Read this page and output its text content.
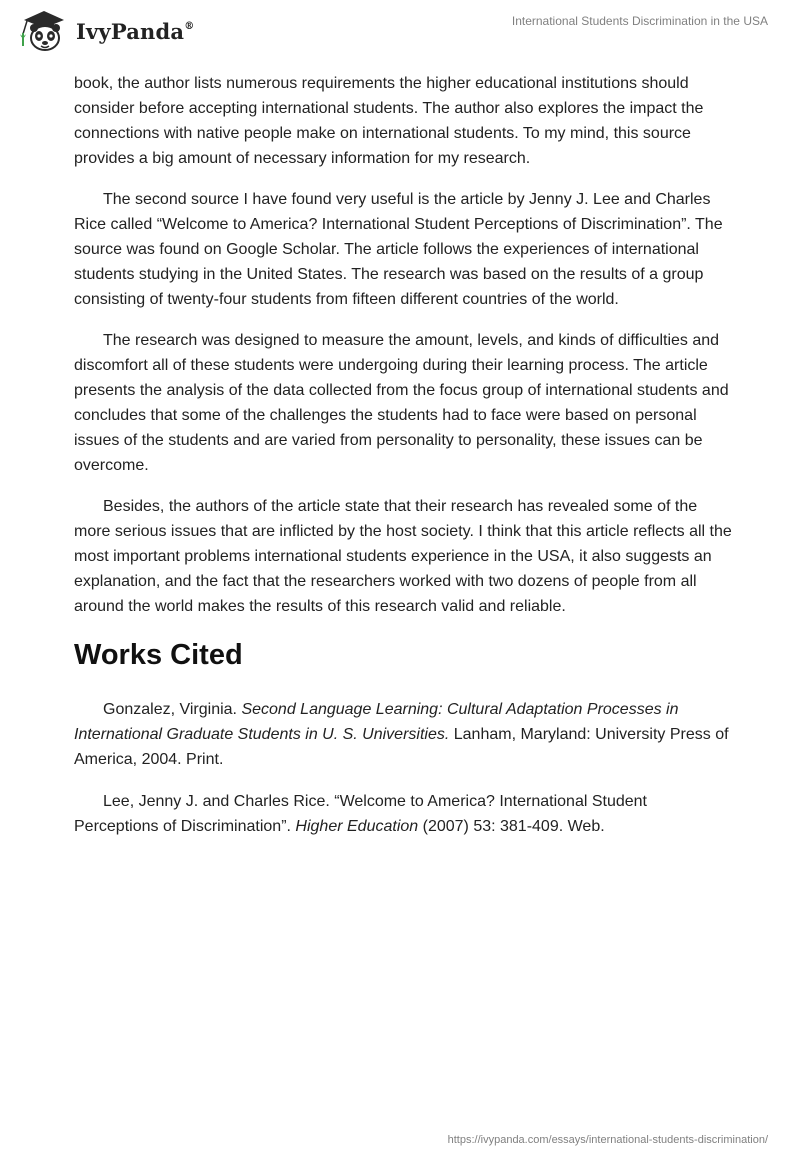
IvyPanda®	International Students Discrimination in the USA

book, the author lists numerous requirements the higher educational institutions should consider before accepting international students. The author also explores the impact the connections with native people make on international students. To my mind, this source provides a big amount of necessary information for my research.

The second source I have found very useful is the article by Jenny J. Lee and Charles Rice called “Welcome to America? International Student Perceptions of Discrimination”. The source was found on Google Scholar. The article follows the experiences of international students studying in the United States. The research was based on the results of a group consisting of twenty-four students from fifteen different countries of the world.

The research was designed to measure the amount, levels, and kinds of difficulties and discomfort all of these students were undergoing during their learning process. The article presents the analysis of the data collected from the focus group of international students and concludes that some of the challenges the students had to face were based on personal issues of the students and are varied from personality to personality, these issues can be overcome.

Besides, the authors of the article state that their research has revealed some of the more serious issues that are inflicted by the host society. I think that this article reflects all the most important problems international students experience in the USA, it also suggests an explanation, and the fact that the researchers worked with two dozens of people from all around the world makes the results of this research valid and reliable.

Works Cited

Gonzalez, Virginia. Second Language Learning: Cultural Adaptation Processes in International Graduate Students in U. S. Universities. Lanham, Maryland: University Press of America, 2004. Print.

Lee, Jenny J. and Charles Rice. “Welcome to America? International Student Perceptions of Discrimination”. Higher Education (2007) 53: 381-409. Web.

https://ivypanda.com/essays/international-students-discrimination/
